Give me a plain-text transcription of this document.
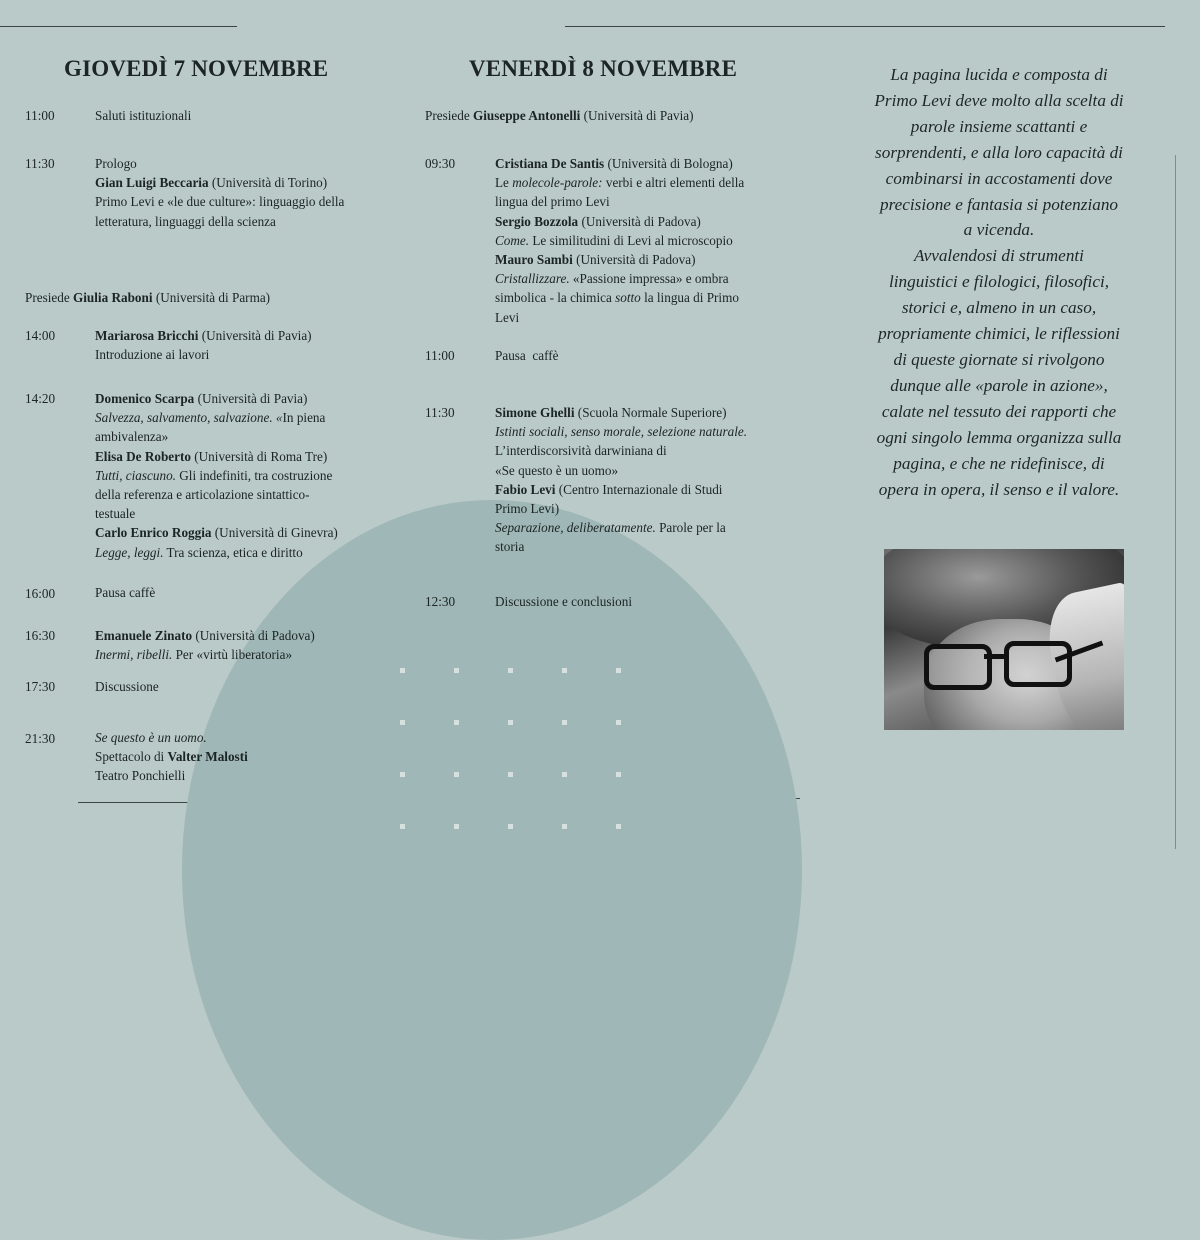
GIOVEDÌ 7 NOVEMBRE
11:00	Saluti istituzionali
11:30	Prologo
Gian Luigi Beccaria (Università di Torino)
Primo Levi e «le due culture»: linguaggio della
letteratura, linguaggi della scienza
Presiede Giulia Raboni (Università di Parma)
14:00	Mariarosa Bricchi (Università di Pavia)
Introduzione ai lavori
14:20	Domenico Scarpa (Università di Pavia)
Salvezza, salvamento, salvazione. «In piena
ambivalenza»
Elisa De Roberto (Università di Roma Tre)
Tutti, ciascuno. Gli indefiniti, tra costruzione
della referenza e articolazione sintattico-
testuale
Carlo Enrico Roggia (Università di Ginevra)
Legge, leggi. Tra scienza, etica e diritto
16:00	Pausa caffè
16:30	Emanuele Zinato (Università di Padova)
Inermi, ribelli. Per «virtù liberatoria»
17:30	Discussione
21:30	Se questo è un uomo.
Spettacolo di Valter Malosti
Teatro Ponchielli
VENERDÌ 8 NOVEMBRE
Presiede Giuseppe Antonelli (Università di Pavia)
09:30	Cristiana De Santis (Università di Bologna)
Le molecole-parole: verbi e altri elementi della
lingua del primo Levi
Sergio Bozzola (Università di Padova)
Come. Le similitudini di Levi al microscopio
Mauro Sambi (Università di Padova)
Cristallizzare. «Passione impressa» e ombra
simbolica - la chimica sotto la lingua di Primo
Levi
11:00	Pausa  caffè
11:30	Simone Ghelli (Scuola Normale Superiore)
Istinti sociali, senso morale, selezione naturale.
L’interdiscorsività darwiniana di
«Se questo è un uomo»
Fabio Levi (Centro Internazionale di Studi
Primo Levi)
Separazione, deliberatamente. Parole per la
storia
12:30	Discussione e conclusioni
La pagina lucida e composta di
Primo Levi deve molto alla scelta di
parole insieme scattanti e
sorprendenti, e alla loro capacità di
combinarsi in accostamenti dove
precisione e fantasia si potenziano
a vicenda.
Avvalendosi di strumenti
linguistici e filologici, filosofici,
storici e, almeno in un caso,
propriamente chimici, le riflessioni
di queste giornate si rivolgono
dunque alle «parole in azione»,
calate nel tessuto dei rapporti che
ogni singolo lemma organizza sulla
pagina, e che ne ridefinisce, di
opera in opera, il senso e il valore.
